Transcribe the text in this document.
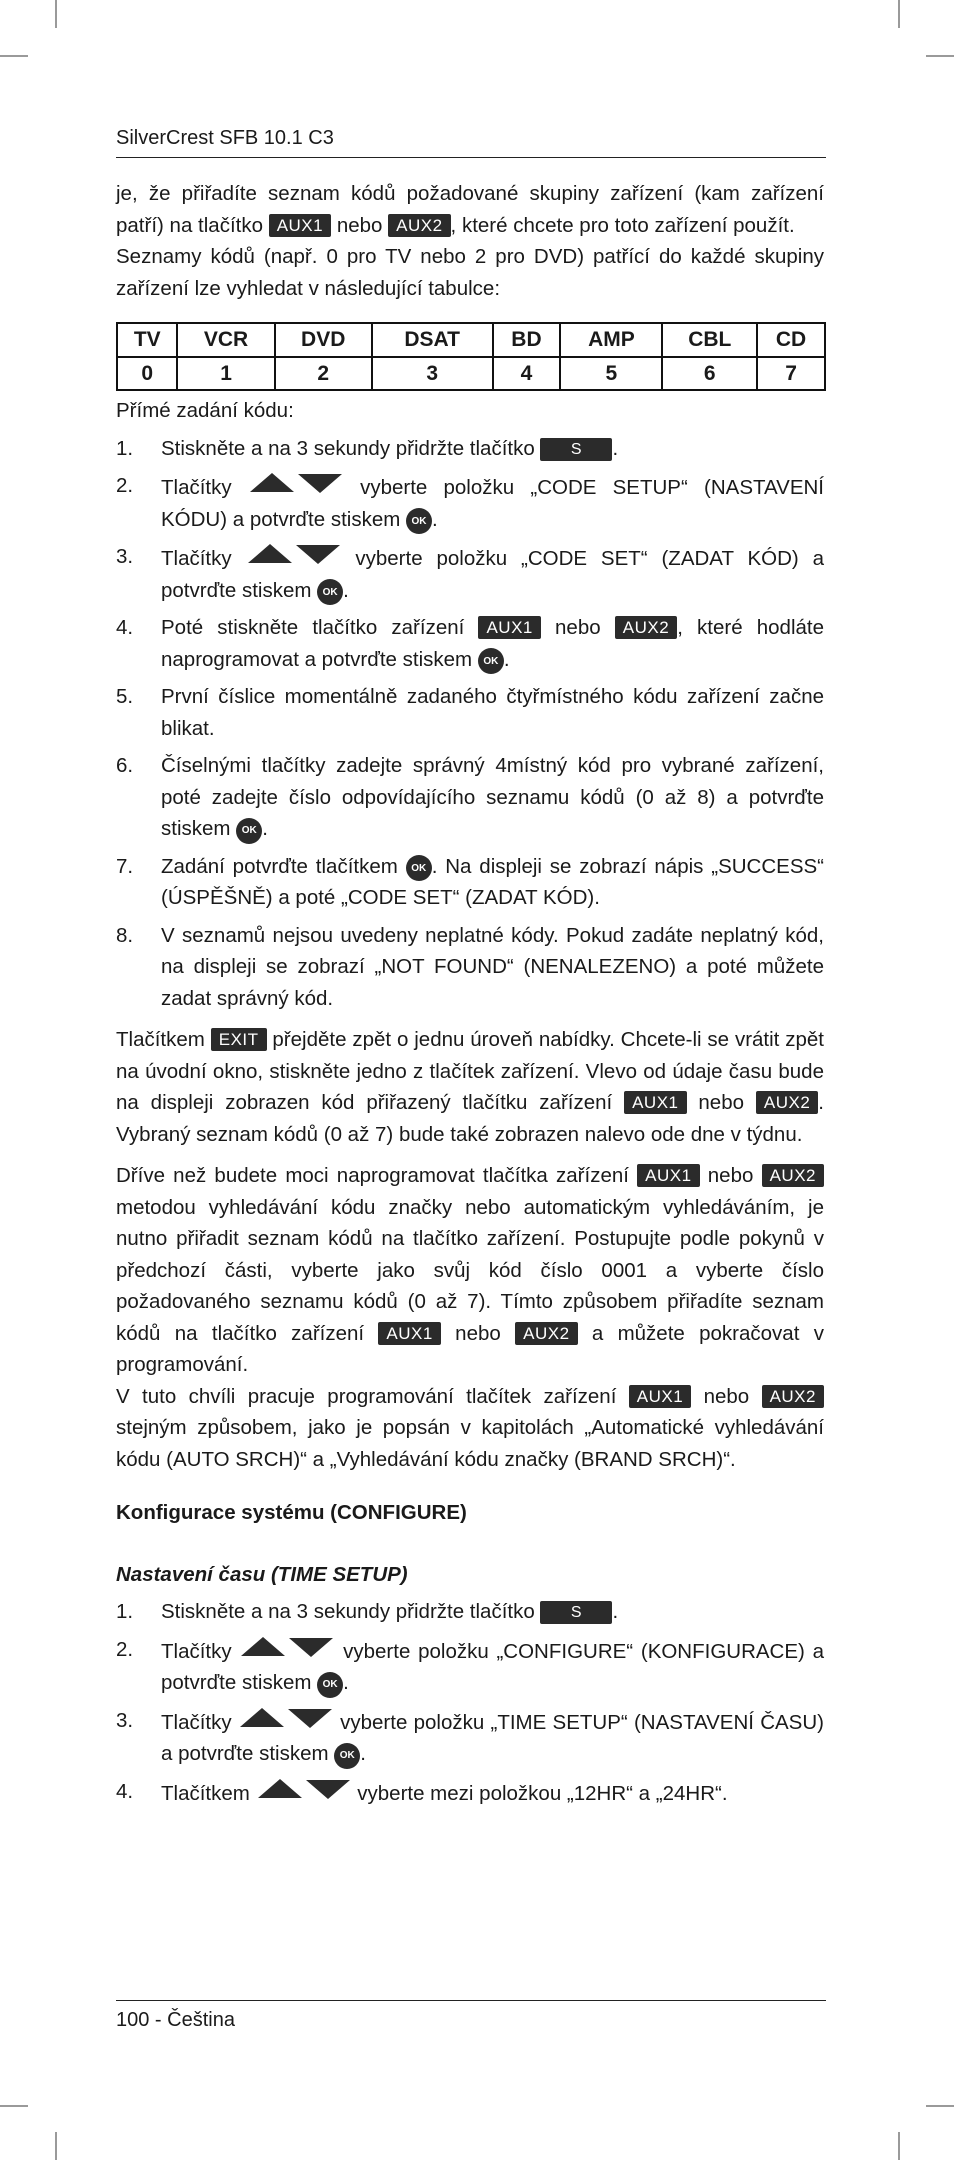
SilverCrest SFB 10.1 C3

je, že přiřadíte seznam kódů požadované skupiny zařízení (kam zařízení patří) na tlačítko AUX1 nebo AUX2 , které chcete pro toto zařízení použít.

Seznamy kódů (např. 0 pro TV nebo 2 pro DVD) patřící do každé skupiny zařízení lze vyhledat v následující tabulce:

TV	VCR	DVD	DSAT	BD	AMP	CBL	CD
0	1	2	3	4	5	6	7

Přímé zadání kódu:

1. Stiskněte a na 3 sekundy přidržte tlačítko S .
2. Tlačítky	vyberte položku „CODE SETUP“ (NASTAVENÍ KÓDU) a potvrďte stiskem OK .
3. Tlačítky	vyberte položku „CODE SET“ (ZADAT KÓD) a potvrďte stiskem OK .
4. Poté stiskněte tlačítko zařízení AUX1 nebo AUX2 , které hodláte naprogramovat a potvrďte stiskem OK .
5. První číslice momentálně zadaného čtyřmístného kódu zařízení začne blikat.
6. Číselnými tlačítky zadejte správný 4místný kód pro vybrané zařízení, poté zadejte číslo odpovídajícího seznamu kódů (0 až 8) a potvrďte stiskem OK .
7. Zadání potvrďte tlačítkem OK . Na displeji se zobrazí nápis „SUCCESS“ (ÚSPĚŠNĚ) a poté „CODE SET“ (ZADAT KÓD).
8. V seznamů nejsou uvedeny neplatné kódy. Pokud zadáte neplatný kód, na displeji se zobrazí „NOT FOUND“ (NENALEZENO) a poté můžete zadat správný kód.

Tlačítkem EXIT přejděte zpět o jednu úroveň nabídky. Chcete-li se vrátit zpět na úvodní okno, stiskněte jedno z tlačítek zařízení. Vlevo od údaje času bude na displeji zobrazen kód přiřazený tlačítku zařízení AUX1 nebo AUX2 . Vybraný seznam kódů (0 až 7) bude také zobrazen nalevo ode dne v týdnu.

Dříve než budete moci naprogramovat tlačítka zařízení AUX1 nebo AUX2 metodou vyhledávání kódu značky nebo automatickým vyhledáváním, je nutno přiřadit seznam kódů na tlačítko zařízení. Postupujte podle pokynů v předchozí části, vyberte jako svůj kód číslo 0001 a vyberte číslo požadovaného seznamu kódů (0 až 7). Tímto způsobem přiřadíte seznam kódů na tlačítko zařízení AUX1 nebo AUX2 a můžete pokračovat v programování.

V tuto chvíli pracuje programování tlačítek zařízení AUX1 nebo AUX2 stejným způsobem, jako je popsán v kapitolách „Automatické vyhledávání kódu (AUTO SRCH)“ a „Vyhledávání kódu značky (BRAND SRCH)“.

Konfigurace systému (CONFIGURE)

Nastavení času (TIME SETUP)

1. Stiskněte a na 3 sekundy přidržte tlačítko S .
2. Tlačítky	vyberte položku „CONFIGURE“ (KONFIGURACE) a potvrďte stiskem OK .
3. Tlačítky	vyberte položku „TIME SETUP“ (NASTAVENÍ ČASU) a potvrďte stiskem OK .
4. Tlačítkem	vyberte mezi položkou „12HR“ a „24HR“.
100 - Čeština
